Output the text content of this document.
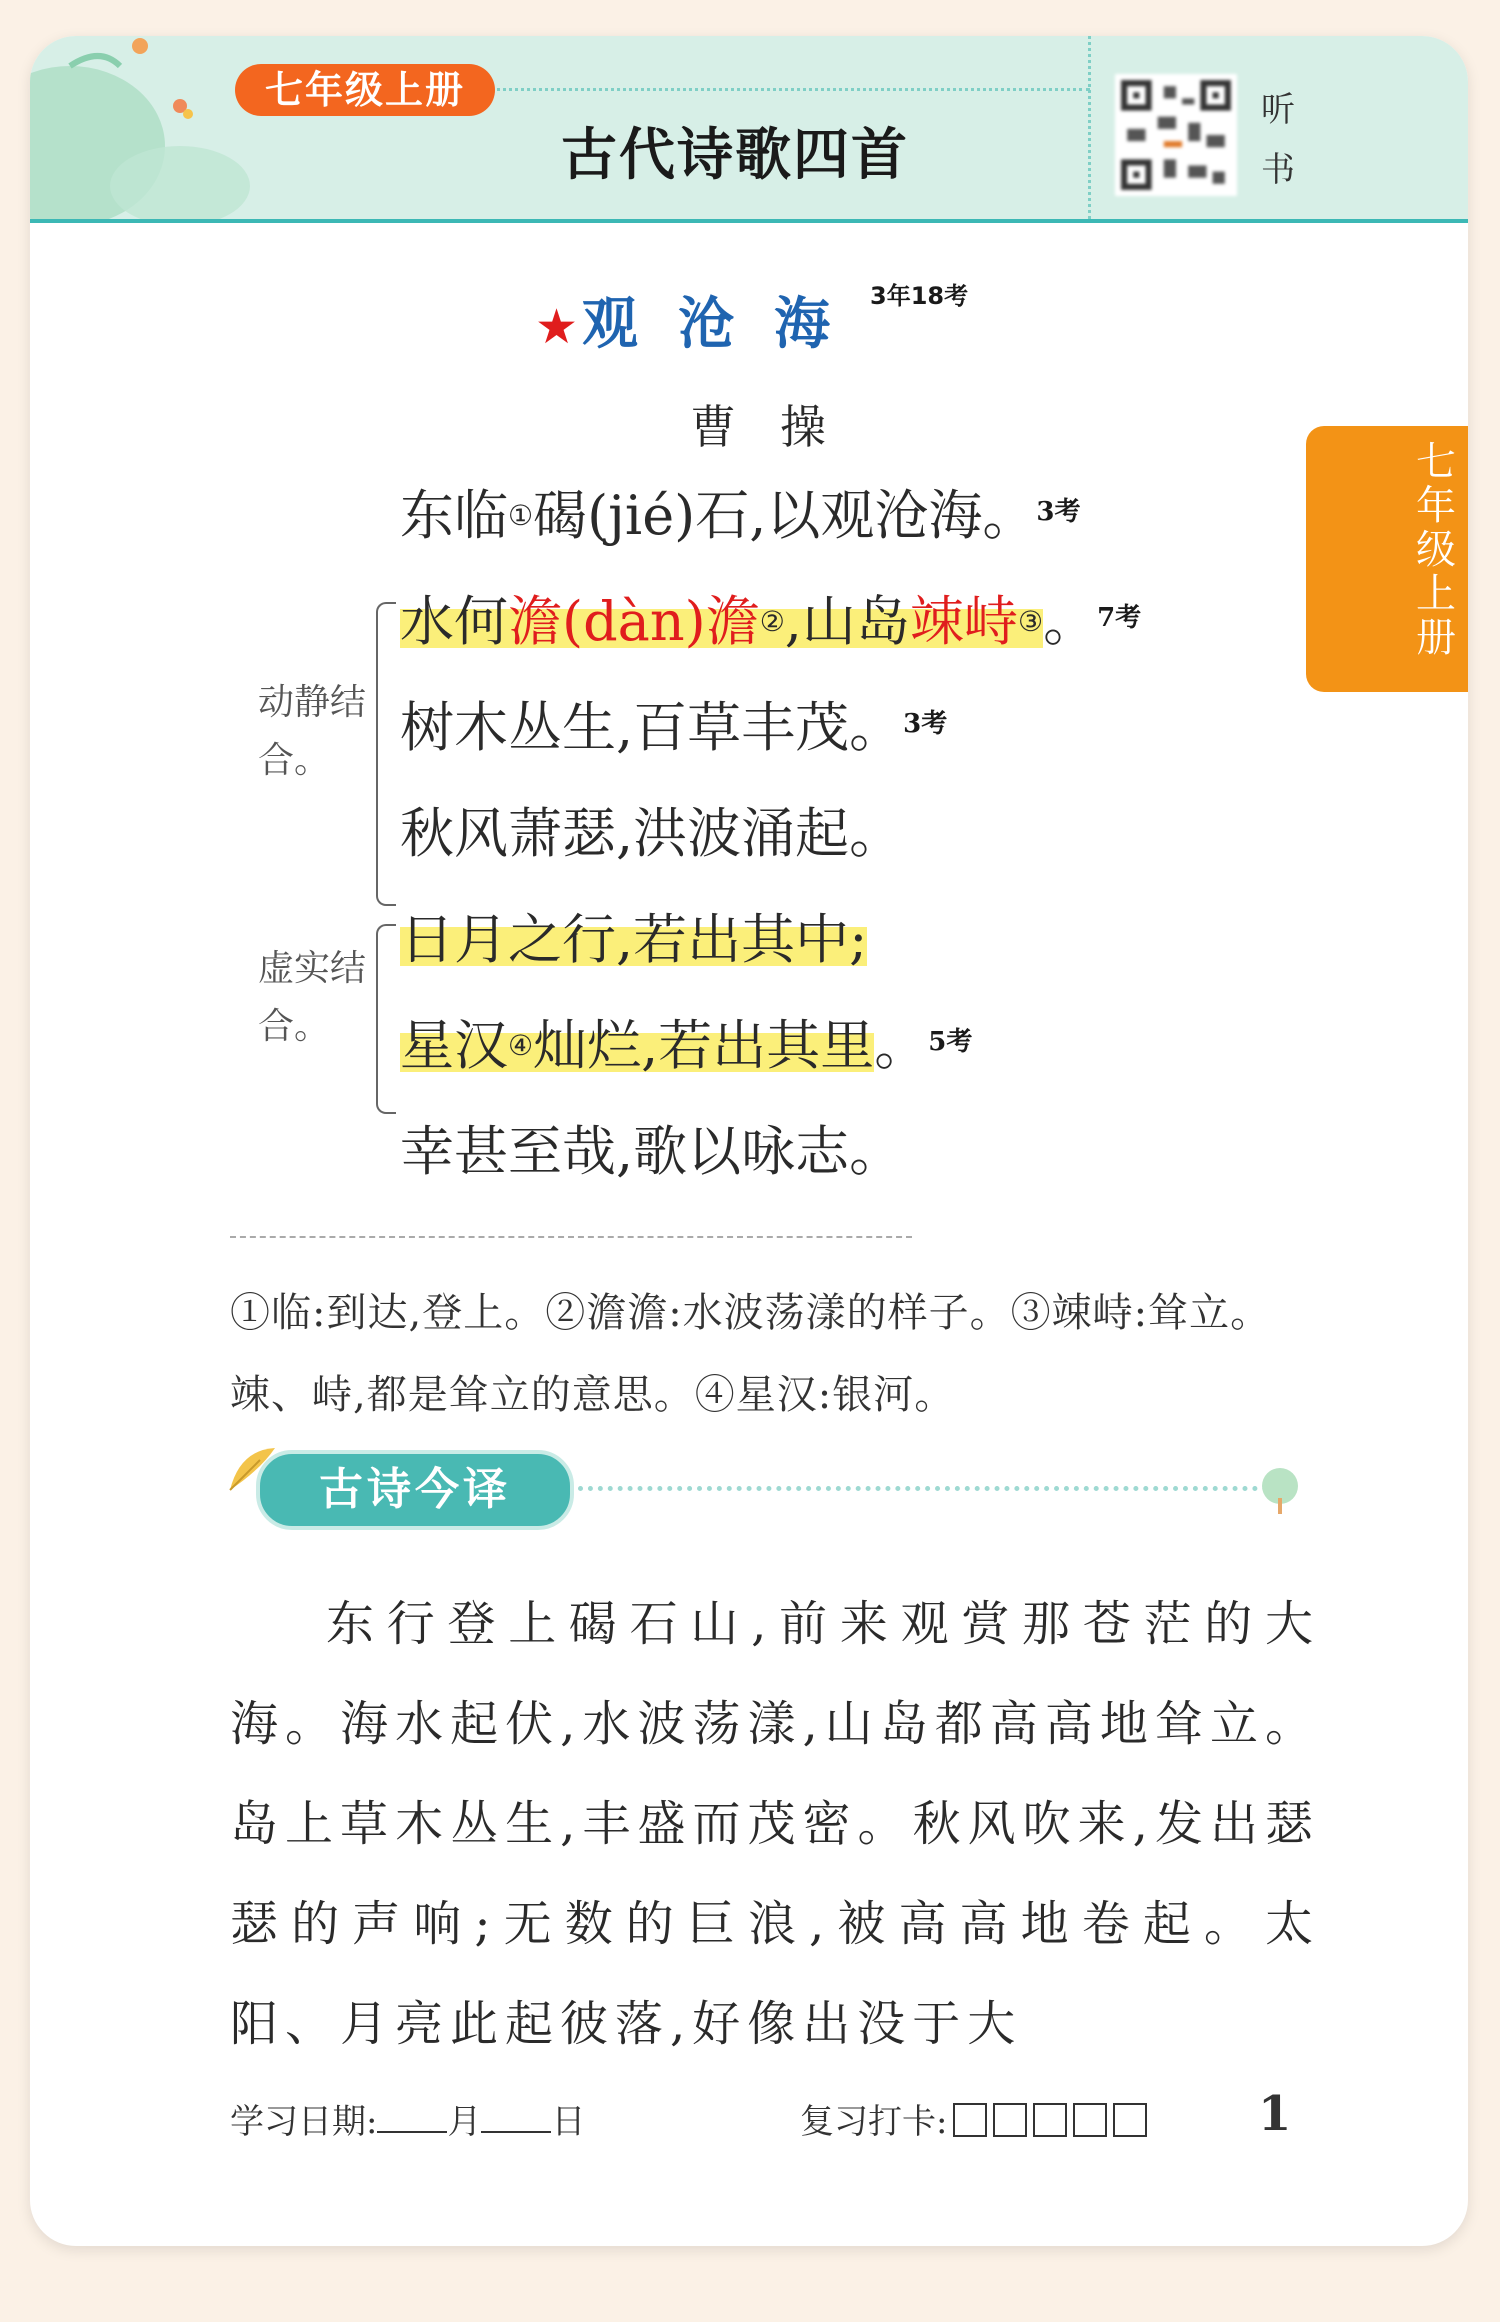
七年级上册
古代诗歌四首
听书
七年级上册
★观沧海$^{3年18考}$
曹操
东临①碣(jié)石,以观沧海。$^{3考}$
水何澹(dàn)澹②,山岛竦峙③。$^{7考}$
树木丛生,百草丰茂。$^{3考}$
秋风萧瑟,洪波涌起。
日月之行,若出其中;
星汉④灿烂,若出其里。$^{5考}$
幸甚至哉,歌以咏志。
动静结合。
虚实结合。
①临:到达,登上。②澹澹:水波荡漾的样子。③竦峙:耸立。竦、峙,都是耸立的意思。④星汉:银河。
古诗今译
东行登上碣石山,前来观赏那苍茫的大海。海水起伏,水波荡漾,山岛都高高地耸立。岛上草木丛生,丰盛而茂密。秋风吹来,发出瑟瑟的声响;无数的巨浪,被高高地卷起。太阳、月亮此起彼落,好像出没于大
学习日期: 月 日	复习打卡:	1
